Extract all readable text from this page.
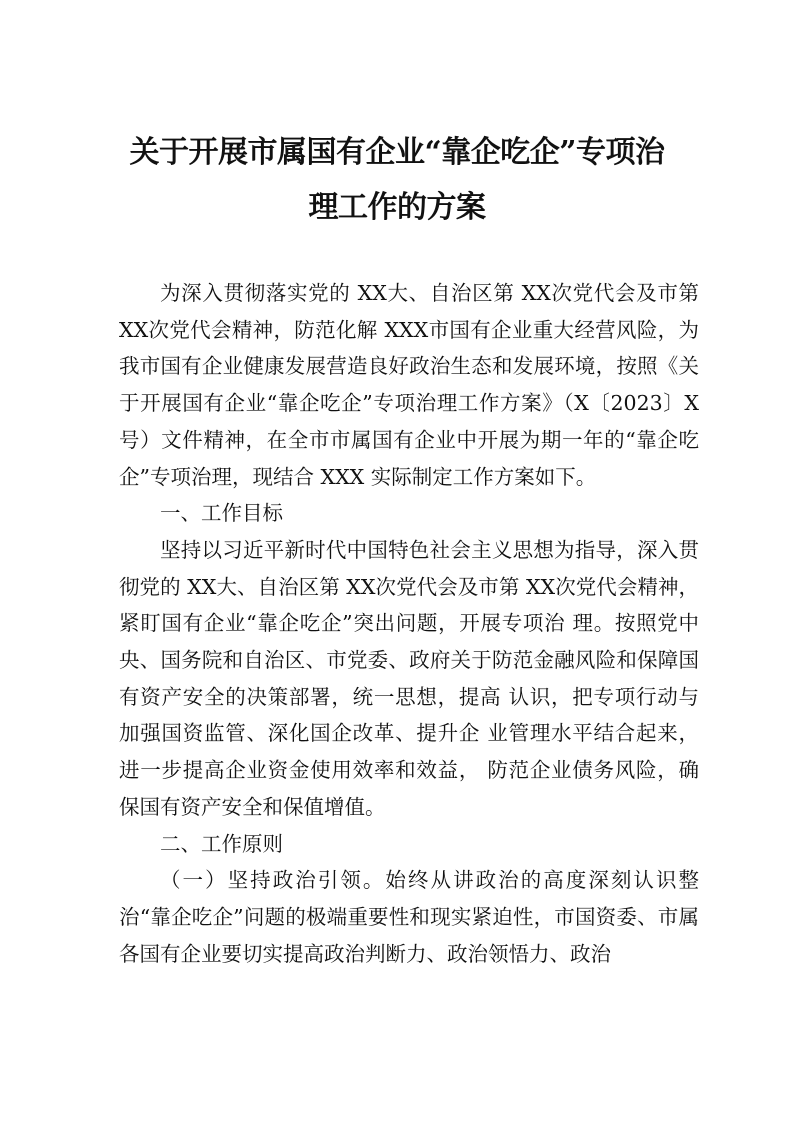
关于开展市属国有企业“靠企吃企”专项治
理工作的方案

为深入贯彻落实党的 XX大、自治区第 XX次党代会及市第 XX次党代会精神，防范化解 XXX市国有企业重大经营风险，为我市国有企业健康发展营造良好政治生态和发展环境，按照《关于开展国有企业“靠企吃企”专项治理工作方案》（X〔2023〕X号）文件精神，在全市市属国有企业中开展为期一年的“靠企吃企”专项治理，现结合 XXX 实际制定工作方案如下。

一、工作目标

坚持以习近平新时代中国特色社会主义思想为指导，深入贯彻党的 XX大、自治区第 XX次党代会及市第 XX次党代会精神，紧盯国有企业“靠企吃企”突出问题，开展专项治 理。按照党中央、国务院和自治区、市党委、政府关于防范金融风险和保障国有资产安全的决策部署，统一思想，提高 认识，把专项行动与加强国资监管、深化国企改革、提升企 业管理水平结合起来，进一步提高企业资金使用效率和效益， 防范企业债务风险，确保国有资产安全和保值增值。

二、工作原则

（一）坚持政治引领。始终从讲政治的高度深刻认识整治“靠企吃企”问题的极端重要性和现实紧迫性，市国资委、市属各国有企业要切实提高政治判断力、政治领悟力、政治
